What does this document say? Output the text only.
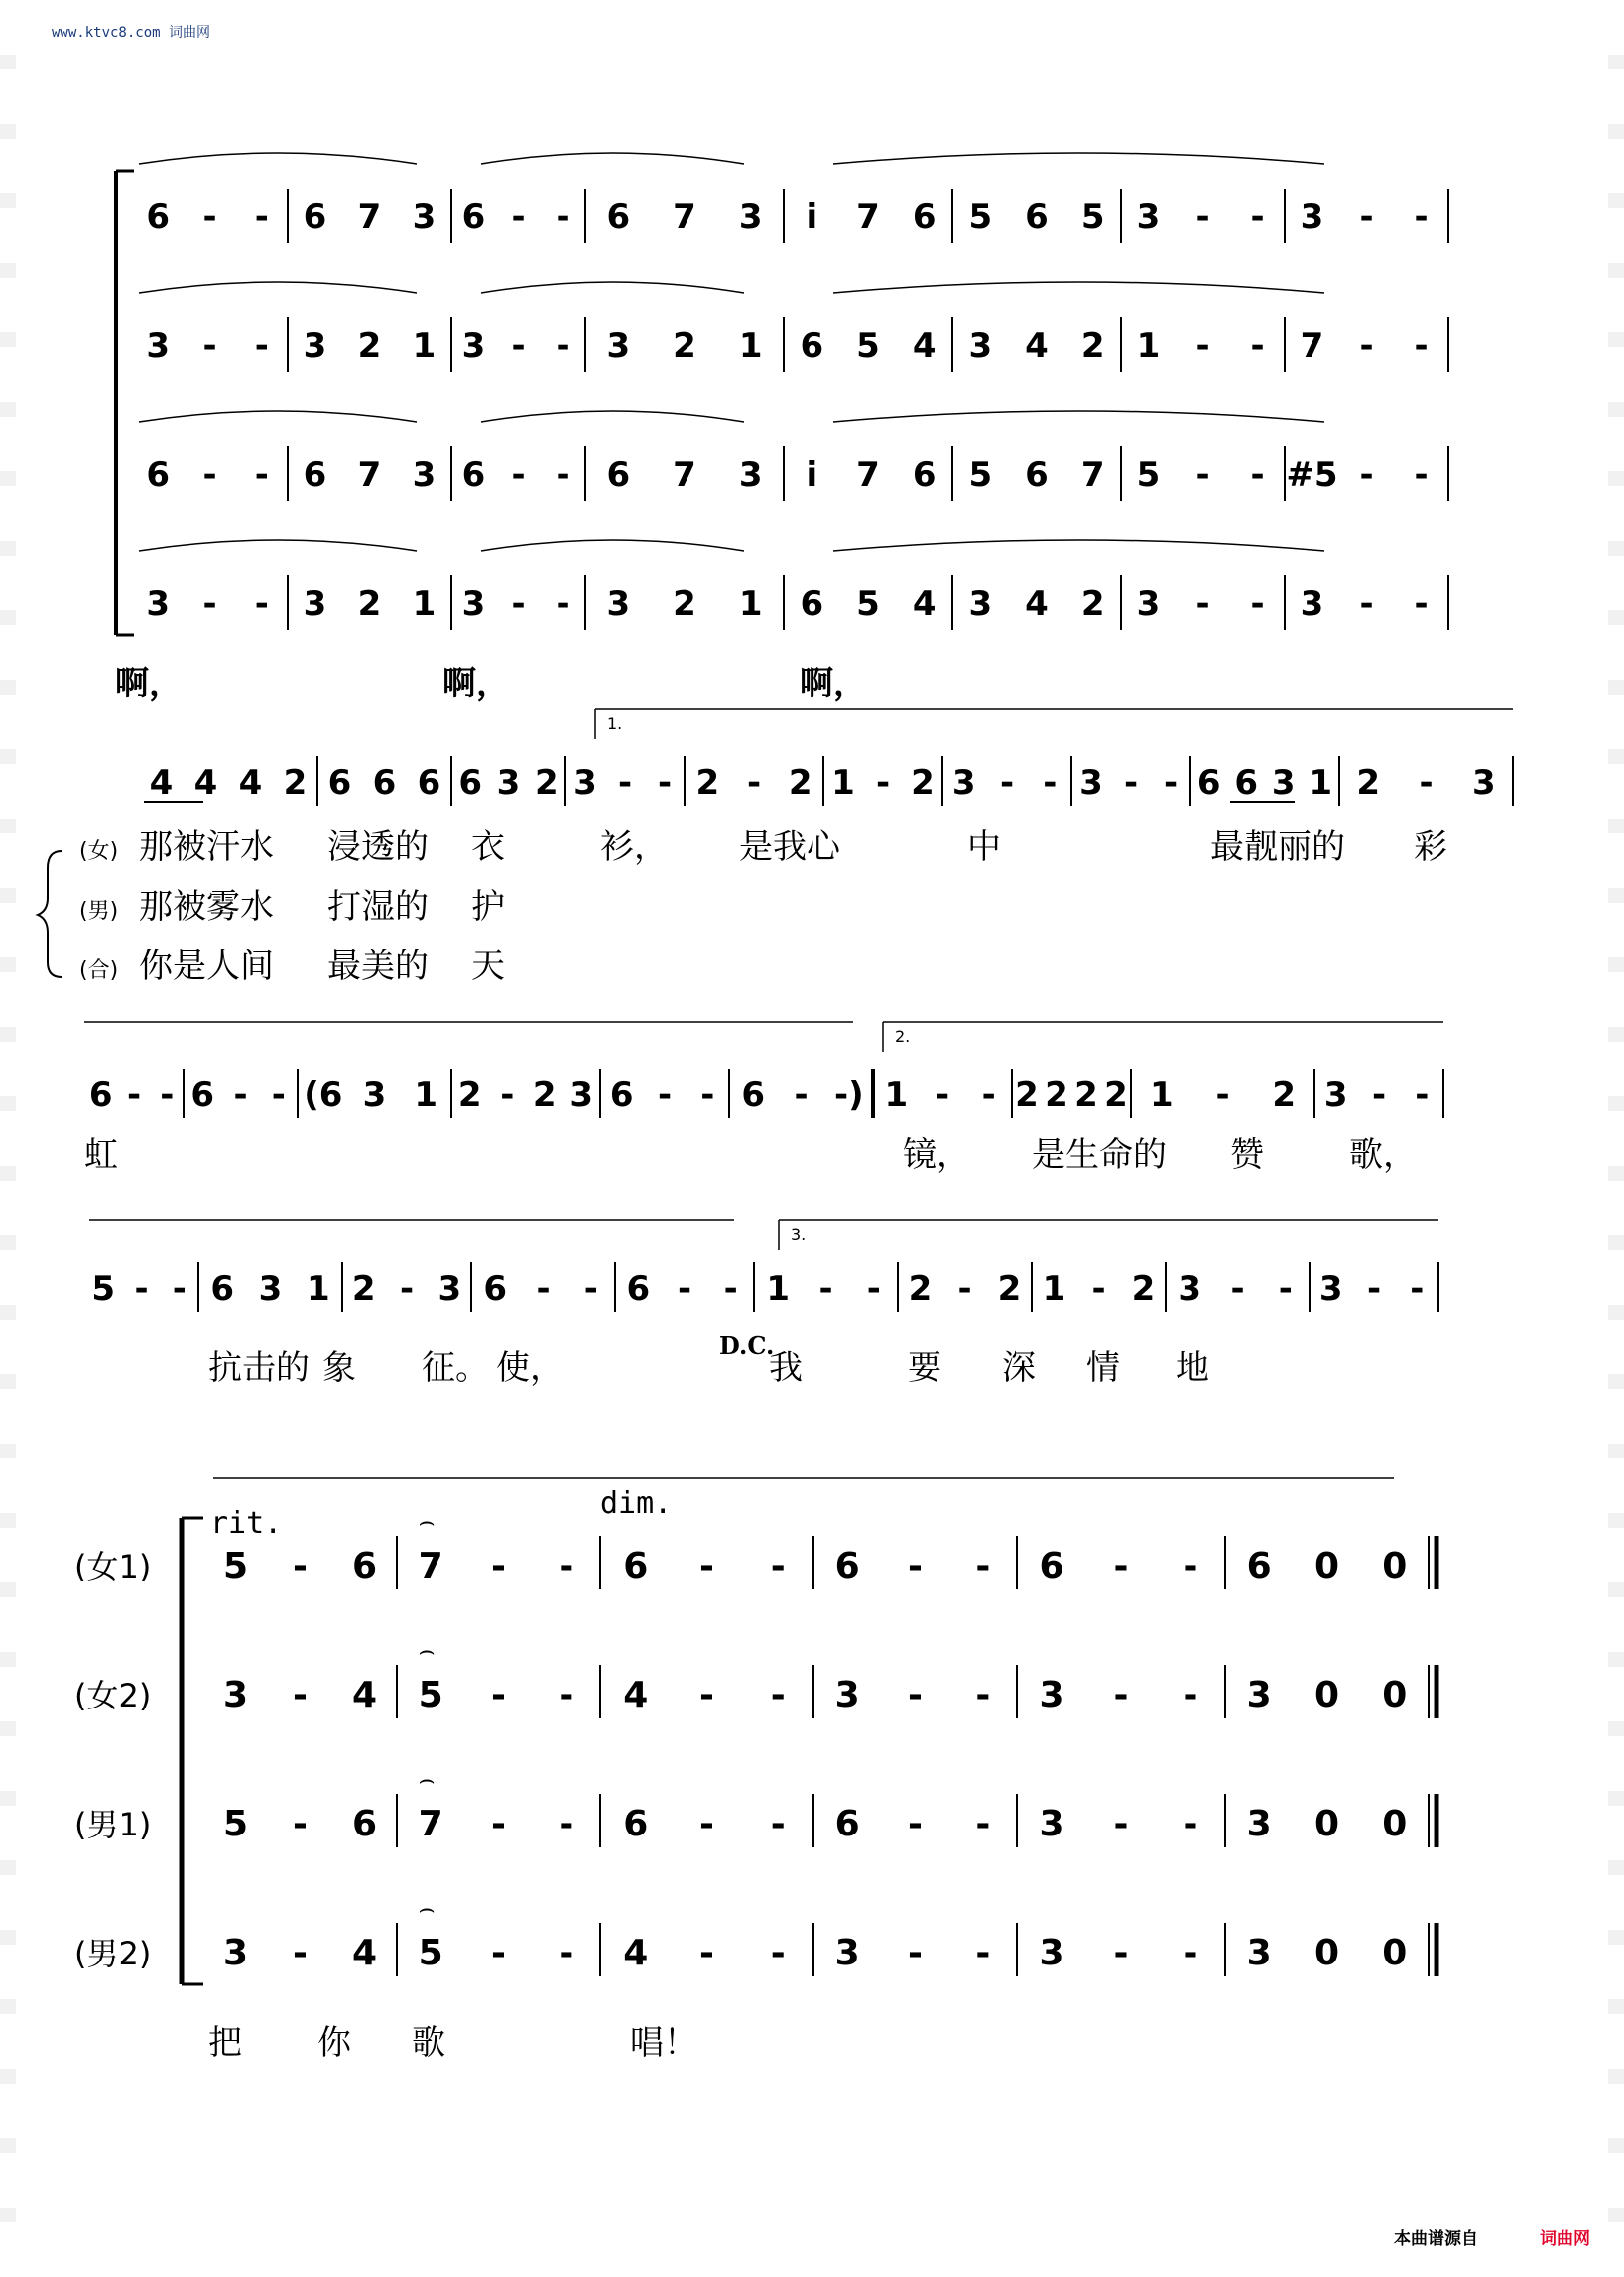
www.ktvc8.com 词曲网
6 - - 6 7 3 6 - - 6 7 3 i 7 6 5 6 5 3 - - 3 - -
3 - - 3 2 1 3 - - 3 2 1 6 5 4 3 4 2 1 - - 7 - -
6 - - 6 7 3 6 - - 6 7 3 i 7 6 5 6 7 5 - - #5 - -
3 - - 3 2 1 3 - - 3 2 1 6 5 4 3 4 2 3 - - 3 - -
啊，	啊，	啊，
4 4 4 2 6 6 6 6 3 2 3 - - 2 - 2 1 - 2 3 - - 3 - - 6 6 3 1 2 - 3
1.
(女) 那被汗水 浸透的 衣	衫， 是我心	中	最靓丽的 彩
(男) 那被雾水 打湿的 护
(合) 你是人间 最美的 天
6 - - 6 - - (6 3 1 2 - 2 3 6 - - 6 - -) 1 - - 2 2 2 2 1 - 2 3 - -
2.
虹	镜， 是生命的 赞	歌，
5 - - 6 3 1 2 - 3 6 - - 6 - - 1 - - 2 - 2 1 - 2 3 - - 3 - -
3.
D.C.
抗击的 象 征。 使，	我	要 深 情 地
(女1) 5 - 6 7 - - 6 - - 6 - - 6 - - 6 0 0
⌢
(女2) 3 - 4 5 - - 4 - - 3 - - 3 - - 3 0 0
⌢
(男1) 5 - 6 7 - - 6 - - 6 - - 3 - - 3 0 0
⌢
(男2) 3 - 4 5 - - 4 - - 3 - - 3 - - 3 0 0
⌢
rit.
dim.
把 你 歌	唱！
本曲谱源自	词曲网
